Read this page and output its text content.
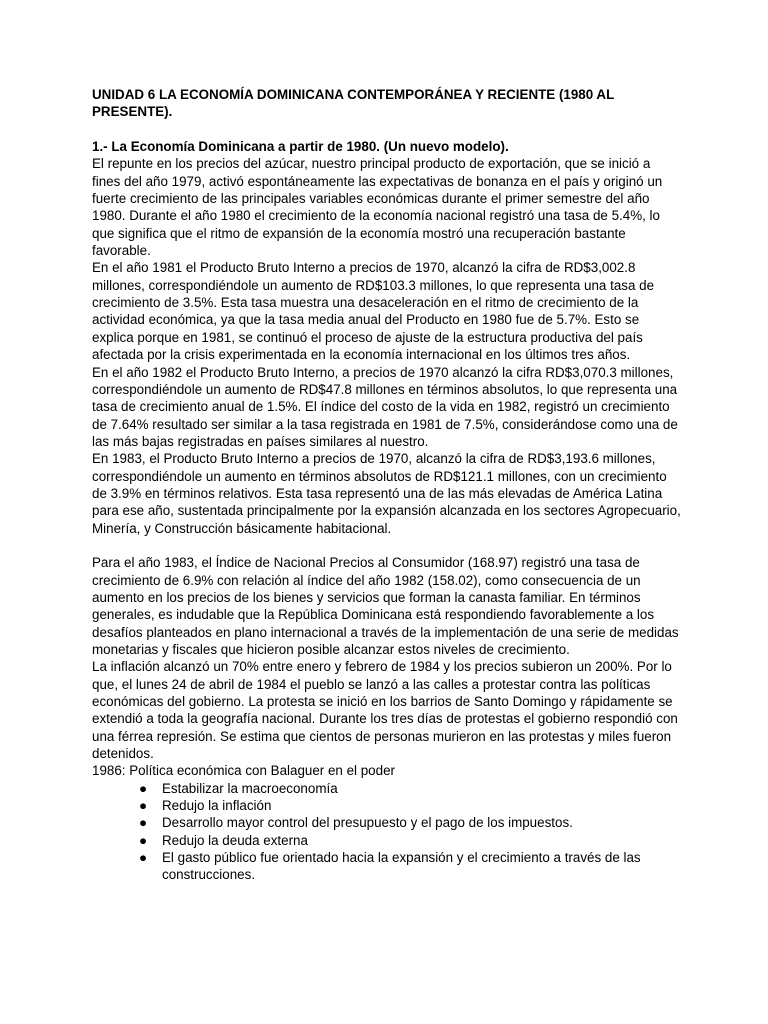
UNIDAD 6 LA ECONOMÍA DOMINICANA CONTEMPORÁNEA Y RECIENTE (1980 AL PRESENTE).

1.- La Economía Dominicana a partir de 1980. (Un nuevo modelo).

El repunte en los precios del azúcar, nuestro principal producto de exportación, que se inició a fines del año 1979, activó espontáneamente las expectativas de bonanza en el país y originó un fuerte crecimiento de las principales variables económicas durante el primer semestre del año 1980. Durante el año 1980 el crecimiento de la economía nacional registró una tasa de 5.4%, lo que significa que el ritmo de expansión de la economía mostró una recuperación bastante favorable.

En el año 1981 el Producto Bruto Interno a precios de 1970, alcanzó la cifra de RD$3,002.8 millones, correspondiéndole un aumento de RD$103.3 millones, lo que representa una tasa de crecimiento de 3.5%. Esta tasa muestra una desaceleración en el ritmo de crecimiento de la actividad económica, ya que la tasa media anual del Producto en 1980 fue de 5.7%. Esto se explica porque en 1981, se continuó el proceso de ajuste de la estructura productiva del país afectada por la crisis experimentada en la economía internacional en los últimos tres años.

En el año 1982 el Producto Bruto Interno, a precios de 1970 alcanzó la cifra RD$3,070.3 millones, correspondiéndole un aumento de RD$47.8 millones en términos absolutos, lo que representa una tasa de crecimiento anual de 1.5%. El índice del costo de la vida en 1982, registró un crecimiento de 7.64% resultado ser similar a la tasa registrada en 1981 de 7.5%, considerándose como una de las más bajas registradas en países similares al nuestro.

En 1983, el Producto Bruto Interno a precios de 1970, alcanzó la cifra de RD$3,193.6 millones, correspondiéndole un aumento en términos absolutos de RD$121.1 millones, con un crecimiento de 3.9% en términos relativos. Esta tasa representó una de las más elevadas de América Latina para ese año, sustentada principalmente por la expansión alcanzada en los sectores Agropecuario, Minería, y Construcción básicamente habitacional.

Para el año 1983, el Índice de Nacional Precios al Consumidor (168.97) registró una tasa de crecimiento de 6.9% con relación al índice del año 1982 (158.02), como consecuencia de un aumento en los precios de los bienes y servicios que forman la canasta familiar. En términos generales, es indudable que la República Dominicana está respondiendo favorablemente a los desafíos planteados en plano internacional a través de la implementación de una serie de medidas monetarias y fiscales que hicieron posible alcanzar estos niveles de crecimiento.

La inflación alcanzó un 70% entre enero y febrero de 1984 y los precios subieron un 200%. Por lo que, el lunes 24 de abril de 1984 el pueblo se lanzó a las calles a protestar contra las políticas económicas del gobierno. La protesta se inició en los barrios de Santo Domingo y rápidamente se extendió a toda la geografía nacional. Durante los tres días de protestas el gobierno respondió con una férrea represión. Se estima que cientos de personas murieron en las protestas y miles fueron detenidos.

1986: Política económica con Balaguer en el poder

● Estabilizar la macroeconomía
● Redujo la inflación
● Desarrollo mayor control del presupuesto y el pago de los impuestos.
● Redujo la deuda externa
● El gasto público fue orientado hacia la expansión y el crecimiento a través de las construcciones.
